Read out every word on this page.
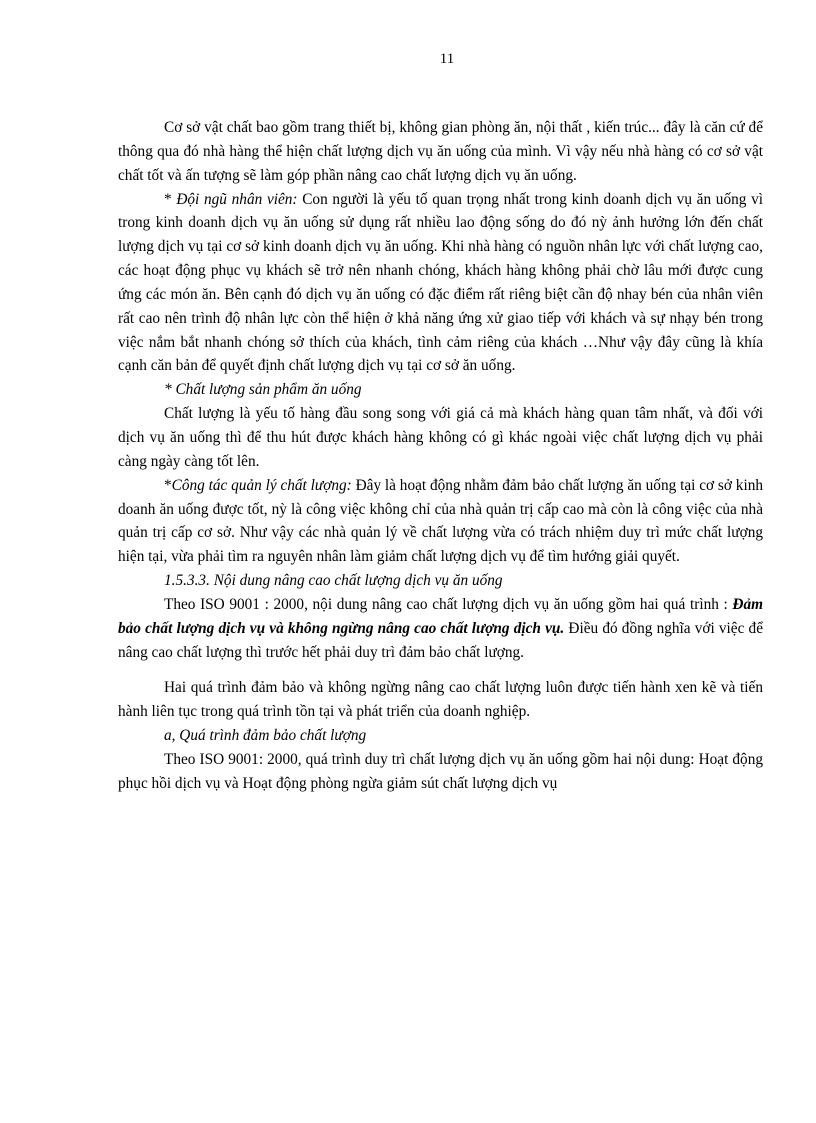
11

Cơ sở vật chất bao gồm trang thiết bị, không gian phòng ăn, nội thất , kiến trúc... đây là căn cứ để thông qua đó nhà hàng thể hiện chất lượng dịch vụ ăn uống của mình. Vì vậy nếu nhà hàng có cơ sở vật chất tốt và ấn tượng sẽ làm góp phần nâng cao chất lượng dịch vụ ăn uống.

* Đội ngũ nhân viên: Con người là yếu tố quan trọng nhất trong kinh doanh dịch vụ ăn uống vì trong kinh doanh dịch vụ ăn uống sử dụng rất nhiều lao động sống do đó nỳ ảnh hưởng lớn đến chất lượng dịch vụ tại cơ sở kinh doanh dịch vụ ăn uống. Khi nhà hàng có nguồn nhân lực với chất lượng cao, các hoạt động phục vụ khách sẽ trở nên nhanh chóng, khách hàng không phải chờ lâu mới được cung ứng các món ăn. Bên cạnh đó dịch vụ ăn uống có đặc điểm rất riêng biệt cần độ nhay bén của nhân viên rất cao nên trình độ nhân lực còn thể hiện ở khả năng ứng xử giao tiếp với khách và sự nhạy bén trong việc nắm bắt nhanh chóng sở thích của khách, tình cảm riêng của khách …Như vậy đây cũng là khía cạnh căn bản để quyết định chất lượng dịch vụ tại cơ sở ăn uống.

* Chất lượng sản phẩm ăn uống

Chất lượng là yếu tố hàng đầu song song với giá cả mà khách hàng quan tâm nhất, và đối với dịch vụ ăn uống thì để thu hút được khách hàng không có gì khác ngoài việc chất lượng dịch vụ phải càng ngày càng tốt lên.

*Công tác quản lý chất lượng: Đây là hoạt động nhằm đảm bảo chất lượng ăn uống tại cơ sở kinh doanh ăn uống được tốt, nỳ là công việc không chỉ của nhà quản trị cấp cao mà còn là công việc của nhà quản trị cấp cơ sở. Như vậy các nhà quản lý về chất lượng vừa có trách nhiệm duy trì mức chất lượng hiện tại, vừa phải tìm ra nguyên nhân làm giảm chất lượng dịch vụ để tìm hướng giải quyết.

1.5.3.3. Nội dung nâng cao chất lượng dịch vụ ăn uống

Theo ISO 9001 : 2000, nội dung nâng cao chất lượng dịch vụ ăn uống gồm hai quá trình : Đảm bảo chất lượng dịch vụ và không ngừng nâng cao chất lượng dịch vụ. Điều đó đồng nghĩa với việc để nâng cao chất lượng thì trước hết phải duy trì đảm bảo chất lượng.

Hai quá trình đảm bảo và không ngừng nâng cao chất lượng luôn được tiến hành xen kẽ và tiến hành liên tục trong quá trình tồn tại và phát triển của doanh nghiệp.

a, Quá trình đảm bảo chất lượng

Theo ISO 9001: 2000, quá trình duy trì chất lượng dịch vụ ăn uống gồm hai nội dung: Hoạt động phục hồi dịch vụ và Hoạt động phòng ngừa giảm sút chất lượng dịch vụ
